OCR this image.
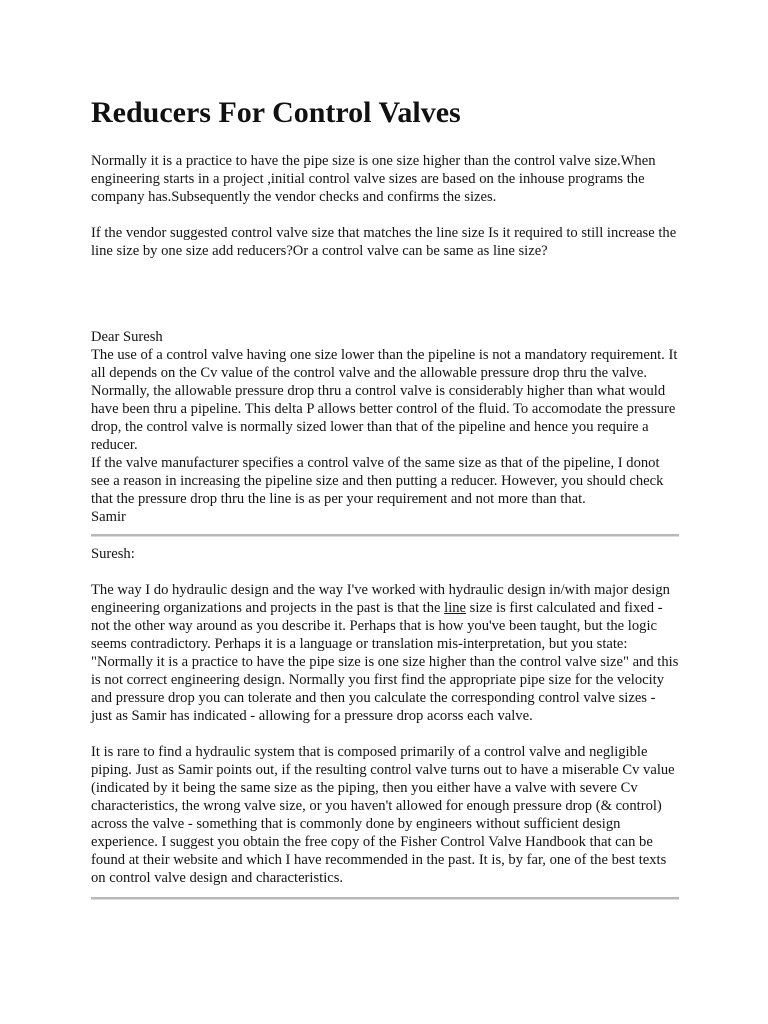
Reducers For Control Valves

Normally it is a practice to have the pipe size is one size higher than the control valve size.When engineering starts in a project ,initial control valve sizes are based on the inhouse programs the company has.Subsequently the vendor checks and confirms the sizes.

If the vendor suggested control valve size that matches the line size Is it required to still increase the line size by one size add reducers?Or a control valve can be same as line size?

Dear Suresh

The use of a control valve having one size lower than the pipeline is not a mandatory requirement. It all depends on the Cv value of the control valve and the allowable pressure drop thru the valve. Normally, the allowable pressure drop thru a control valve is considerably higher than what would have been thru a pipeline. This delta P allows better control of the fluid. To accomodate the pressure drop, the control valve is normally sized lower than that of the pipeline and hence you require a reducer.

If the valve manufacturer specifies a control valve of the same size as that of the pipeline, I donot see a reason in increasing the pipeline size and then putting a reducer. However, you should check that the pressure drop thru the line is as per your requirement and not more than that.

Samir

Suresh:

The way I do hydraulic design and the way I've worked with hydraulic design in/with major design engineering organizations and projects in the past is that the line size is first calculated and fixed - not the other way around as you describe it. Perhaps that is how you've been taught, but the logic seems contradictory. Perhaps it is a language or translation mis-interpretation, but you state: "Normally it is a practice to have the pipe size is one size higher than the control valve size" and this is not correct engineering design. Normally you first find the appropriate pipe size for the velocity and pressure drop you can tolerate and then you calculate the corresponding control valve sizes - just as Samir has indicated - allowing for a pressure drop acorss each valve.

It is rare to find a hydraulic system that is composed primarily of a control valve and negligible piping. Just as Samir points out, if the resulting control valve turns out to have a miserable Cv value (indicated by it being the same size as the piping, then you either have a valve with severe Cv characteristics, the wrong valve size, or you haven't allowed for enough pressure drop (& control) across the valve - something that is commonly done by engineers without sufficient design experience. I suggest you obtain the free copy of the Fisher Control Valve Handbook that can be found at their website and which I have recommended in the past. It is, by far, one of the best texts on control valve design and characteristics.
